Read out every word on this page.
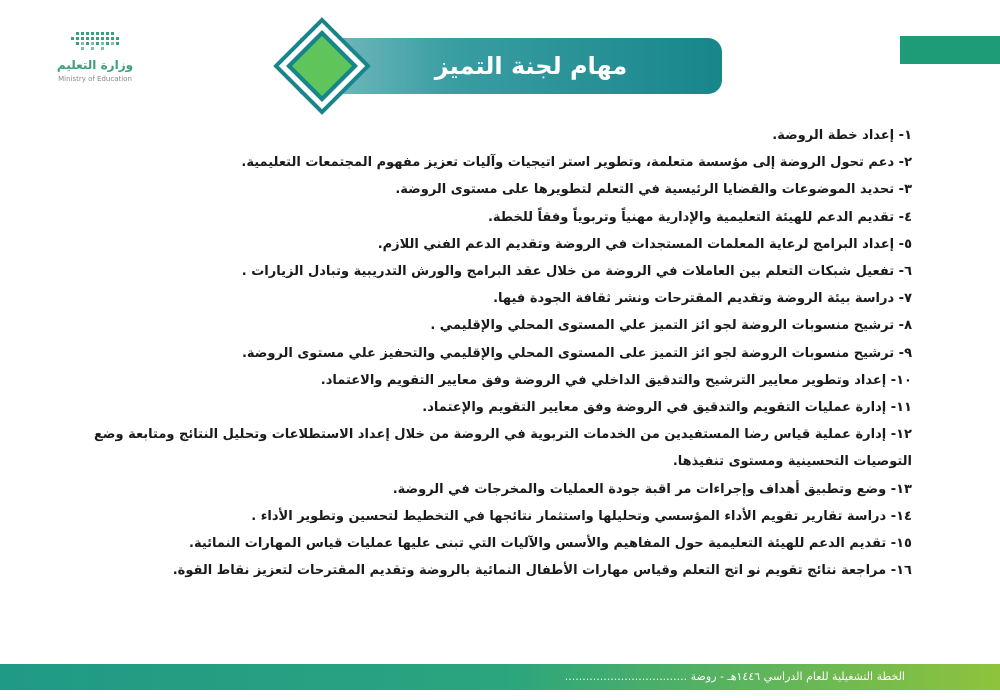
وزارة التعليم
Ministry of Education	مهام لجنة التميز

١- إعداد خطة الروضة.

٢- دعم تحول الروضة إلى مؤسسة متعلمة، وتطوير استر اتيجيات وآليات تعزيز مفهوم المجتمعات التعليمية.

٣- تحديد الموضوعات والقضايا الرئيسية في التعلم لتطويرها على مستوى الروضة.

٤- تقديم الدعم للهيئة التعليمية والإدارية مهنياً وتربوياً وفقاً للخطة.

٥- إعداد البرامج لرعاية المعلمات المستجدات في الروضة وتقديم الدعم الفني اللازم.

٦- تفعيل شبكات التعلم بين العاملات في الروضة من خلال عقد البرامج والورش التدريبية وتبادل الزيارات .

٧- دراسة بيئة الروضة وتقديم المقترحات ونشر ثقافة الجودة فيها.

٨- ترشيح منسوبات الروضة لجو ائز التميز علي المستوى المحلي والإقليمي .

٩- ترشيح منسوبات الروضة لجو ائز التميز على المستوى المحلي والإقليمي والتحفيز علي مستوى الروضة.

١٠- إعداد وتطوير معايير الترشيح والتدقيق الداخلي في الروضة وفق معايير التقويم والاعتماد.

١١- إدارة عمليات التقويم والتدقيق في الروضة وفق معايير التقويم والإعتماد.

١٢- إدارة عملية قياس رضا المستفيدين من الخدمات التربوية في الروضة من خلال إعداد الاستطلاعات وتحليل النتائج ومتابعة وضع التوصيات التحسينية ومستوى تنفيذها.

١٣- وضع وتطبيق أهداف وإجراءات مر اقبة جودة العمليات والمخرجات في الروضة.

١٤- دراسة تقارير تقويم الأداء المؤسسي وتحليلها واستثمار نتائجها في التخطيط لتحسين وتطوير الأداء .

١٥- تقديم الدعم للهيئة التعليمية حول المفاهيم والأسس والآليات التي تبنى عليها عمليات قياس المهارات النمائية.

١٦- مراجعة نتائج تقويم نو اتج التعلم وقياس مهارات الأطفال النمائية بالروضة وتقديم المقترحات لتعزيز نقاط القوة.

الخطة التشغيلية للعام الدراسي ١٤٤٦هـ - روضة ...................................
